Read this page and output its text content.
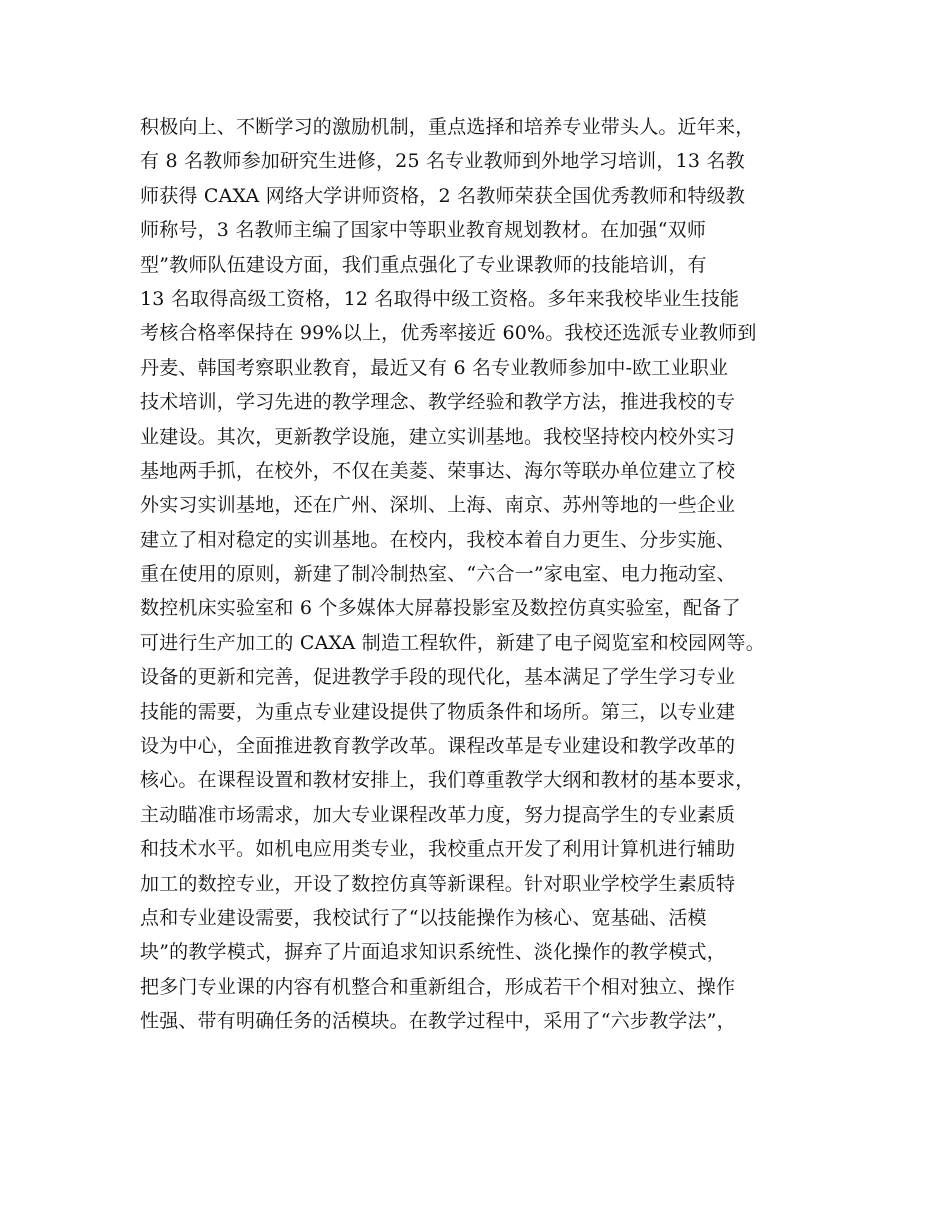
积极向上、不断学习的激励机制，重点选择和培养专业带头人。近年来，
有 8 名教师参加研究生进修，25 名专业教师到外地学习培训，13 名教
师获得 CAXA 网络大学讲师资格，2 名教师荣获全国优秀教师和特级教
师称号，3 名教师主编了国家中等职业教育规划教材。在加强“双师
型”教师队伍建设方面，我们重点强化了专业课教师的技能培训，有
13 名取得高级工资格，12 名取得中级工资格。多年来我校毕业生技能
考核合格率保持在 99%以上，优秀率接近 60%。我校还选派专业教师到
丹麦、韩国考察职业教育，最近又有 6 名专业教师参加中-欧工业职业
技术培训，学习先进的教学理念、教学经验和教学方法，推进我校的专
业建设。其次，更新教学设施，建立实训基地。我校坚持校内校外实习
基地两手抓，在校外，不仅在美菱、荣事达、海尔等联办单位建立了校
外实习实训基地，还在广州、深圳、上海、南京、苏州等地的一些企业
建立了相对稳定的实训基地。在校内，我校本着自力更生、分步实施、
重在使用的原则，新建了制冷制热室、“六合一”家电室、电力拖动室、
数控机床实验室和 6 个多媒体大屏幕投影室及数控仿真实验室，配备了
可进行生产加工的 CAXA 制造工程软件，新建了电子阅览室和校园网等。
设备的更新和完善，促进教学手段的现代化，基本满足了学生学习专业
技能的需要，为重点专业建设提供了物质条件和场所。第三，以专业建
设为中心，全面推进教育教学改革。课程改革是专业建设和教学改革的
核心。在课程设置和教材安排上，我们尊重教学大纲和教材的基本要求，
主动瞄准市场需求，加大专业课程改革力度，努力提高学生的专业素质
和技术水平。如机电应用类专业，我校重点开发了利用计算机进行辅助
加工的数控专业，开设了数控仿真等新课程。针对职业学校学生素质特
点和专业建设需要，我校试行了“以技能操作为核心、宽基础、活模
块”的教学模式，摒弃了片面追求知识系统性、淡化操作的教学模式，
把多门专业课的内容有机整合和重新组合，形成若干个相对独立、操作
性强、带有明确任务的活模块。在教学过程中，采用了“六步教学法”，
